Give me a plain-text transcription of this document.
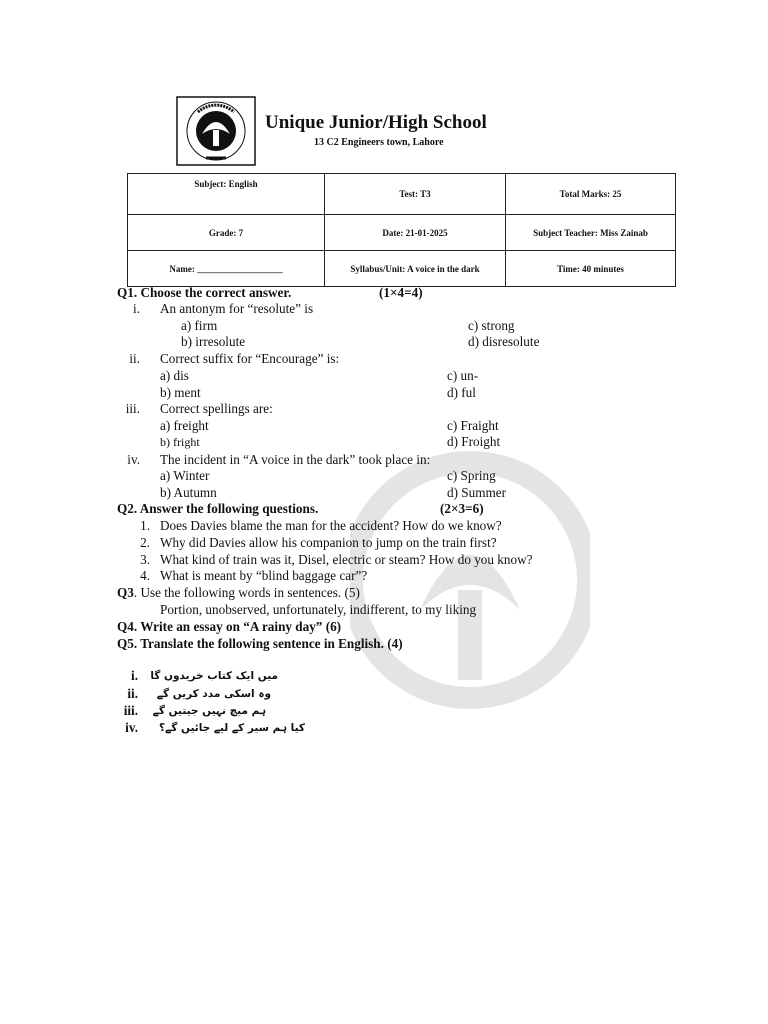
Unique Junior/High School
13 C2 Engineers town, Lahore
Subject: English	Test: T3	Total Marks: 25
Grade: 7	Date: 21-01-2025	Subject Teacher: Miss Zainab
Name: ___________________	Syllabus/Unit: A voice in the dark	Time: 40 minutes
Q1. Choose the correct answer.	(1×4=4)
i. An antonym for “resolute” is
a) firm	c) strong
b) irresolute	d) disresolute
ii. Correct suffix for “Encourage” is:
a) dis	c) un-
b) ment	d) ful
iii. Correct spellings are:
a) freight	c) Fraight
b) fright	d) Froight
iv. The incident in “A voice in the dark” took place in:
a) Winter	c) Spring
b) Autumn	d) Summer
Q2. Answer the following questions.	(2×3=6)
1. Does Davies blame the man for the accident? How do we know?
2. Why did Davies allow his companion to jump on the train first?
3. What kind of train was it, Disel, electric or steam? How do you know?
4. What is meant by “blind baggage car”?
Q3. Use the following words in sentences. (5)
Portion, unobserved, unfortunately, indifferent, to my liking
Q4. Write an essay on “A rainy day” (6)
Q5. Translate the following sentence in English. (4)
i. میں ایک کتاب خریدوں گا
ii. وہ اسکی مدد کریں گے
iii. ہم میچ نہیں جیتیں گے
iv. کیا ہم سیر کے لیے جائیں گے؟
